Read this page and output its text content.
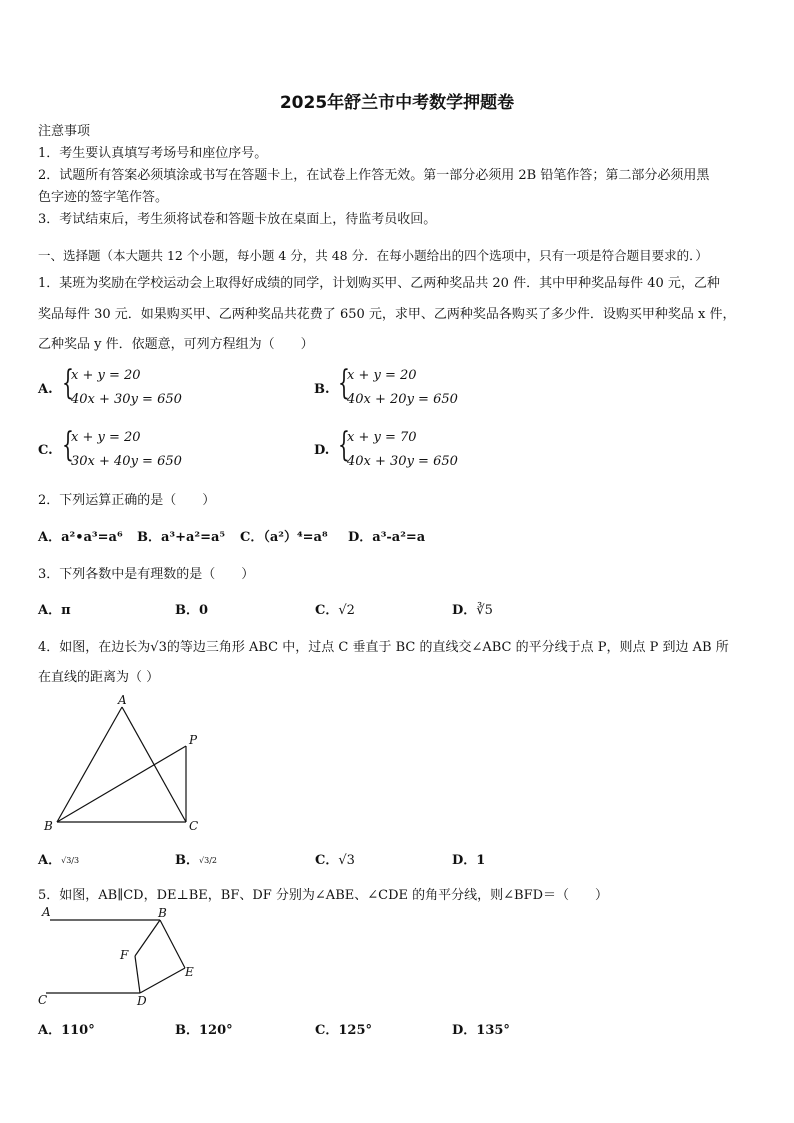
2025年舒兰市中考数学押题卷
注意事项
1．考生要认真填写考场号和座位序号。
2．试题所有答案必须填涂或书写在答题卡上，在试卷上作答无效。第一部分必须用 2B 铅笔作答；第二部分必须用黑
色字迹的签字笔作答。
3．考试结束后，考生须将试卷和答题卡放在桌面上，待监考员收回。
一、选择题（本大题共 12 个小题，每小题 4 分，共 48 分．在每小题给出的四个选项中，只有一项是符合题目要求的．）
1．某班为奖励在学校运动会上取得好成绩的同学，计划购买甲、乙两种奖品共 20 件．其中甲种奖品每件 40 元，乙种
奖品每件 30 元．如果购买甲、乙两种奖品共花费了 650 元，求甲、乙两种奖品各购买了多少件．设购买甲种奖品 x 件，
乙种奖品 y 件．依题意，可列方程组为（　　）
A. {
x + y = 20
40x + 30y = 650
B. {
x + y = 20
40x + 20y = 650
C. {
x + y = 20
30x + 40y = 650
D. {
x + y = 70
40x + 30y = 650
2．下列运算正确的是（　　）
A．a²•a³=a⁶ B．a³+a²=a⁵ C．（a²）⁴=a⁸ D．a³-a²=a
3．下列各数中是有理数的是（　　）
A．π	B．0	C．√2	D．∛5
4．如图，在边长为√3的等边三角形 ABC 中，过点 C 垂直于 BC 的直线交∠ABC 的平分线于点 P，则点 P 到边 AB 所
在直线的距离为（ ）
A
B	C
P
A．√3/3	B．√3/2	C．√3	D．1
5．如图，AB∥CD，DE⊥BE，BF、DF 分别为∠ABE、∠CDE 的角平分线，则∠BFD＝（　　）
A	B
C	D
E
F
A．110°	B．120°	C．125°	D．135°
